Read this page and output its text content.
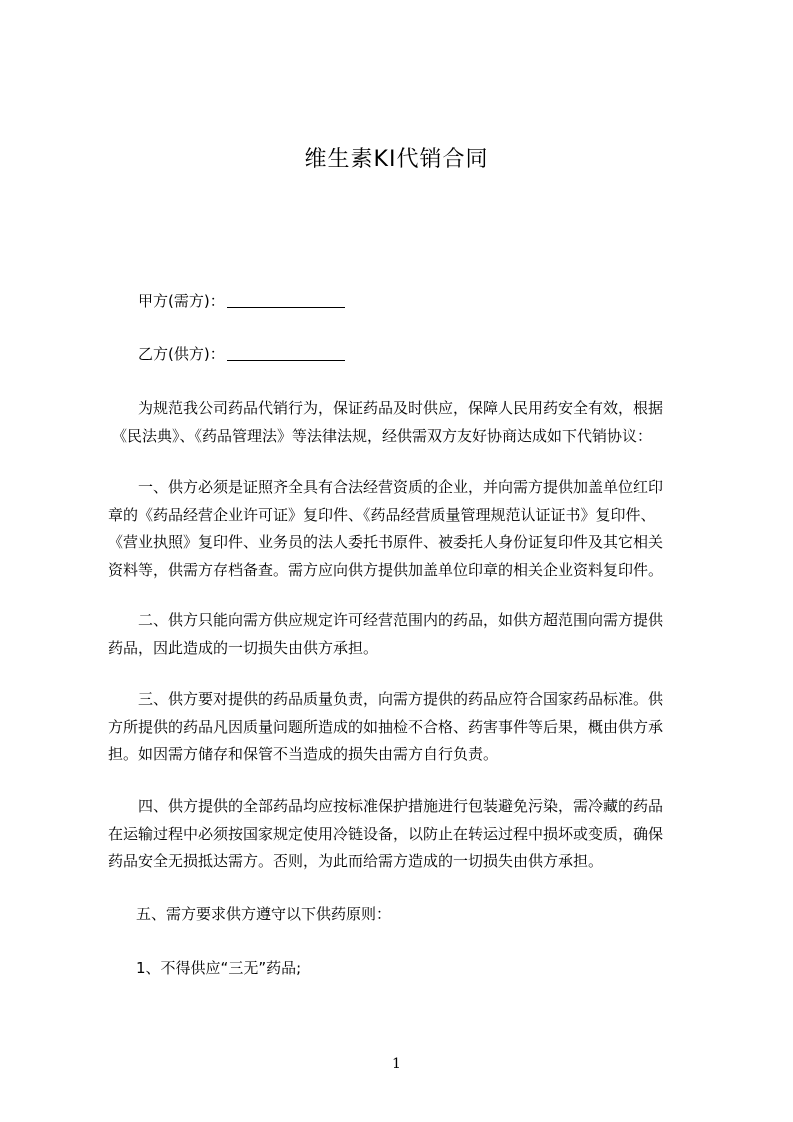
维生素KI代销合同
甲方(需方)：
乙方(供方)：

为规范我公司药品代销行为，保证药品及时供应，保障人民用药安全有效，根据

《民法典》、《药品管理法》等法律法规，经供需双方友好协商达成如下代销协议：

一、供方必须是证照齐全具有合法经营资质的企业，并向需方提供加盖单位红印

章的《药品经营企业许可证》复印件、《药品经营质量管理规范认证证书》复印件、

《营业执照》复印件、业务员的法人委托书原件、被委托人身份证复印件及其它相关

资料等，供需方存档备查。需方应向供方提供加盖单位印章的相关企业资料复印件。

二、供方只能向需方供应规定许可经营范围内的药品，如供方超范围向需方提供

药品，因此造成的一切损失由供方承担。

三、供方要对提供的药品质量负责，向需方提供的药品应符合国家药品标准。供

方所提供的药品凡因质量问题所造成的如抽检不合格、药害事件等后果，概由供方承

担。如因需方储存和保管不当造成的损失由需方自行负责。

四、供方提供的全部药品均应按标准保护措施进行包装避免污染，需冷藏的药品

在运输过程中必须按国家规定使用冷链设备，以防止在转运过程中损坏或变质，确保

药品安全无损抵达需方。否则，为此而给需方造成的一切损失由供方承担。

五、需方要求供方遵守以下供药原则：
1、不得供应“三无”药品;
1
